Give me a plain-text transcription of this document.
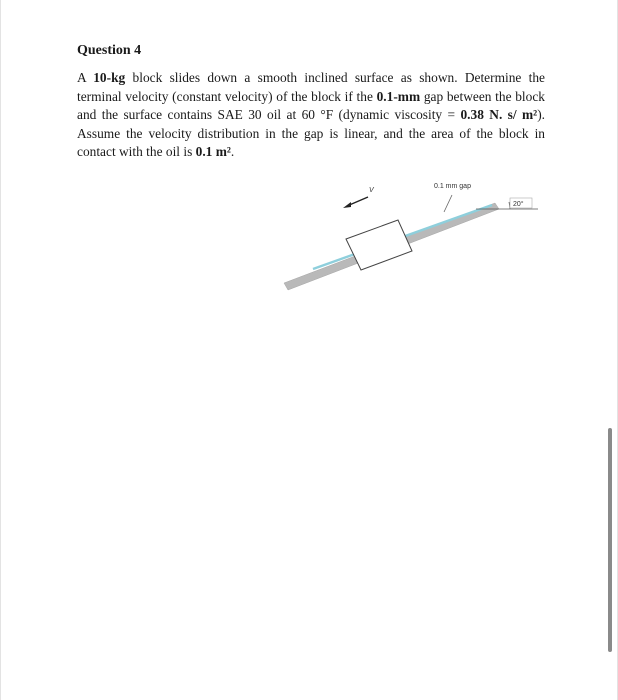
Question 4

A 10-kg block slides down a smooth inclined surface as shown. Determine the terminal velocity (constant velocity) of the block if the 0.1-mm gap between the block and the surface contains SAE 30 oil at 60 °F (dynamic viscosity = 0.38 N. s/ m²). Assume the velocity distribution in the gap is linear, and the area of the block in contact with the oil is 0.1 m².

V
0.1 mm gap
20°
